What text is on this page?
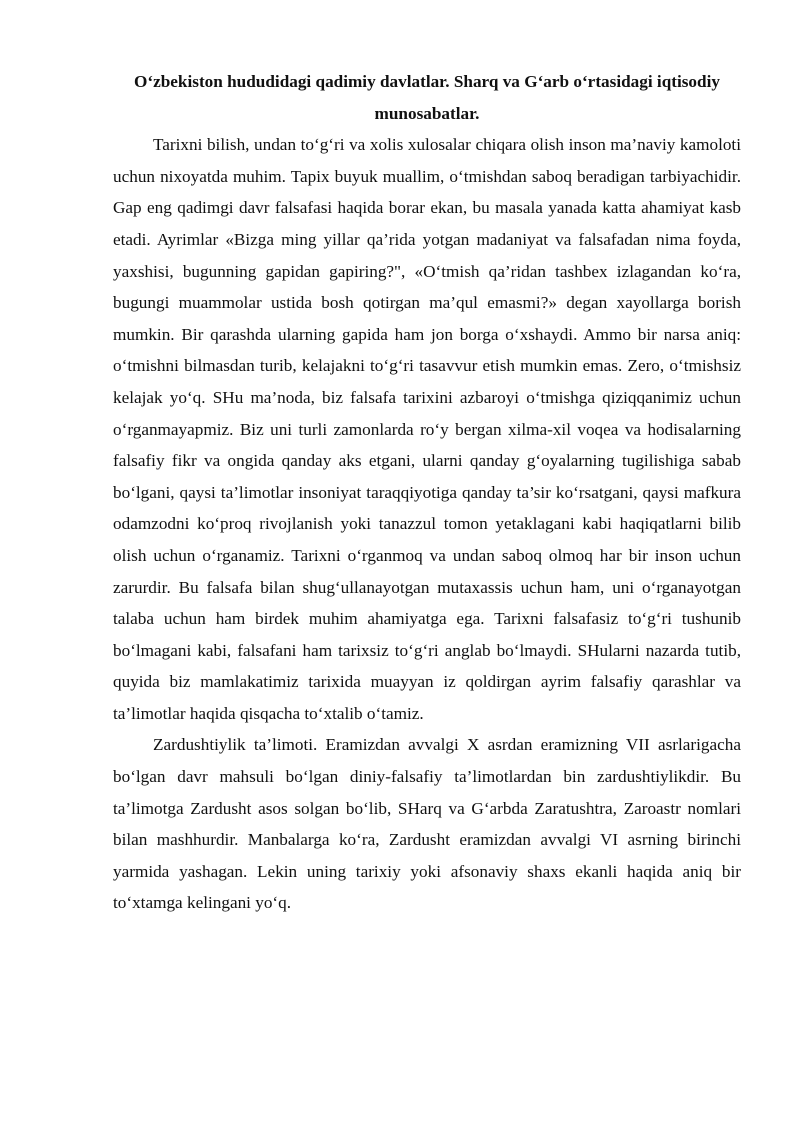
O‘zbekiston hududidagi qadimiy davlatlar. Sharq va G‘arb o‘rtasidagi iqtisodiy munosabatlar.

Tarixni bilish, undan to‘g‘ri va xolis xulosalar chiqara olish inson ma’naviy kamoloti uchun nixoyatda muhim. Tapix buyuk muallim, o‘tmishdan saboq beradigan tarbiyachidir. Gap eng qadimgi davr falsafasi haqida borar ekan, bu masala yanada katta ahamiyat kasb etadi. Ayrimlar «Bizga ming yillar qa’rida yotgan madaniyat va falsafadan nima foyda, yaxshisi, bugunning gapidan gapiring?", «O‘tmish qa’ridan tashbex izlagandan ko‘ra, bugungi muammolar ustida bosh qotirgan ma’qul emasmi?» degan xayollarga borish mumkin. Bir qarashda ularning gapida ham jon borga o‘xshaydi. Ammo bir narsa aniq: o‘tmishni bilmasdan turib, kelajakni to‘g‘ri tasavvur etish mumkin emas. Zero, o‘tmishsiz kelajak yo‘q. SHu ma’noda, biz falsafa tarixini azbaroyi o‘tmishga qiziqqanimiz uchun o‘rganmayapmiz. Biz uni turli zamonlarda ro‘y bergan xilma-xil voqea va hodisalarning falsafiy fikr va ongida qanday aks etgani, ularni qanday g‘oyalarning tugilishiga sabab bo‘lgani, qaysi ta’limotlar insoniyat taraqqiyotiga qanday ta’sir ko‘rsatgani, qaysi mafkura odamzodni ko‘proq rivojlanish yoki tanazzul tomon yetaklagani kabi haqiqatlarni bilib olish uchun o‘rganamiz. Tarixni o‘rganmoq va undan saboq olmoq har bir inson uchun zarurdir. Bu falsafa bilan shug‘ullanayotgan mutaxassis uchun ham, uni o‘rganayotgan talaba uchun ham birdek muhim ahamiyatga ega. Tarixni falsafasiz to‘g‘ri tushunib bo‘lmagani kabi, falsafani ham tarixsiz to‘g‘ri anglab bo‘lmaydi. SHularni nazarda tutib, quyida biz mamlakatimiz tarixida muayyan iz qoldirgan ayrim falsafiy qarashlar va ta’limotlar haqida qisqacha to‘xtalib o‘tamiz.

Zardushtiylik ta’limoti. Eramizdan avvalgi X asrdan eramizning VII asrlarigacha bo‘lgan davr mahsuli bo‘lgan diniy-falsafiy ta’limotlardan bin zardushtiylikdir. Bu ta’limotga Zardusht asos solgan bo‘lib, SHarq va G‘arbda Zaratushtra, Zaroastr nomlari bilan mashhurdir. Manbalarga ko‘ra, Zardusht eramizdan avvalgi VI asrning birinchi yarmida yashagan. Lekin uning tarixiy yoki afsonaviy shaxs ekanli haqida aniq bir to‘xtamga kelingani yo‘q.
